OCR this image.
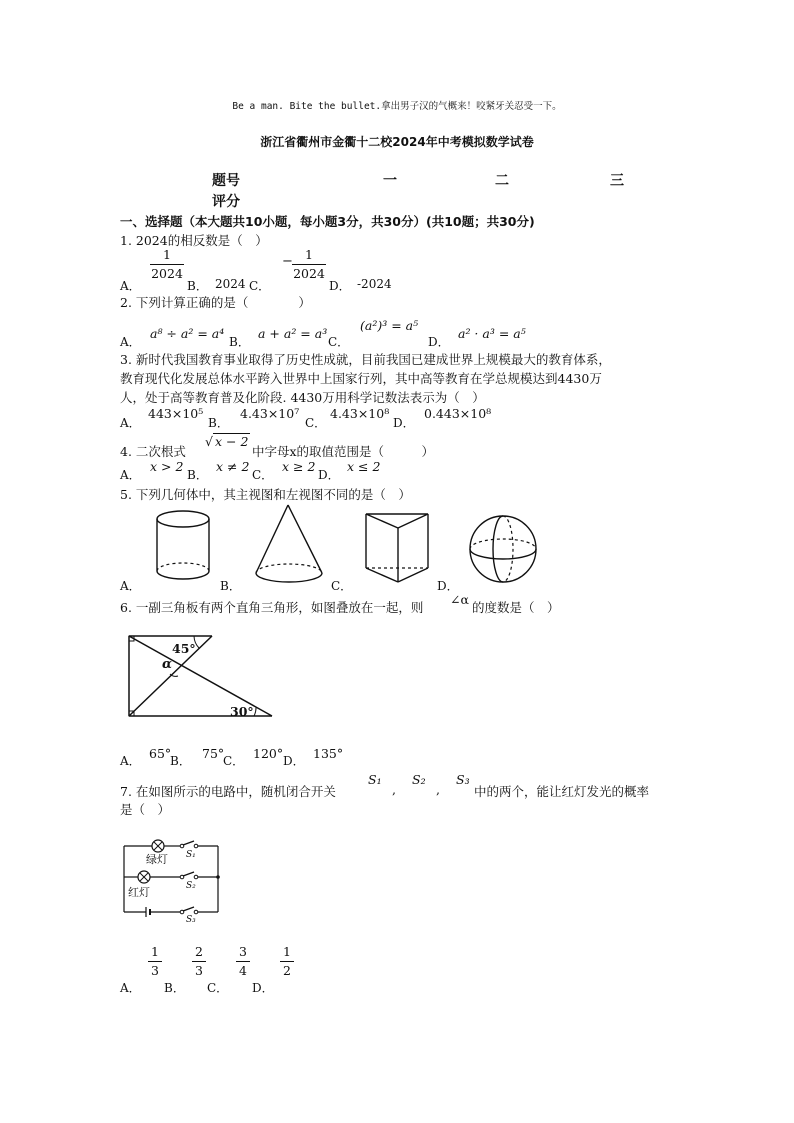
Be a man. Bite the bullet.拿出男子汉的气概来！咬紧牙关忍受一下。
浙江省衢州市金衢十二校2024年中考模拟数学试卷
题号	一	二	三
评分
一、选择题（本大题共10小题，每小题3分，共30分）(共10题；共30分)
1. 2024的相反数是（　）
A．
1
2024
B． 2024 C．
− 1
2024
D． -2024
2. 下列计算正确的是（　　　　）
A．
a⁸ ÷ a² = a⁴
B．
a + a² = a³
C．
(a²)³ = a⁵
D．
a² · a³ = a⁵
3. 新时代我国教育事业取得了历史性成就，目前我国已建成世界上规模最大的教育体系，
教育现代化发展总体水平跨入世界中上国家行列，其中高等教育在学总规模达到4430万
人，处于高等教育普及化阶段. 4430万用科学记数法表示为（　）
A．
443×10⁵
B．
4.43×10⁷
C．
4.43×10⁸
D．
0.443×10⁸
4. 二次根式
√ x − 2
中字母x的取值范围是（　　　）
A．
x > 2
B．
x ≠ 2
C．
x ≥ 2
D．
x ≤ 2
5. 下列几何体中，其主视图和左视图不同的是（　）
A．	B．	C．	D．
6. 一副三角板有两个直角三角形，如图叠放在一起，则
∠α
的度数是（　）
45°
α
30°
A． 65°
B． 75°
C． 120° D． 135°
7. 在如图所示的电路中，随机闭合开关
S₁
,
S₂
,
S₃
中的两个，能让红灯发光的概率
是（　）
绿灯
红灯
S₁
S₂
S₃
A．
1
3
B．
2
3
C．
3
4
D．
1
2
